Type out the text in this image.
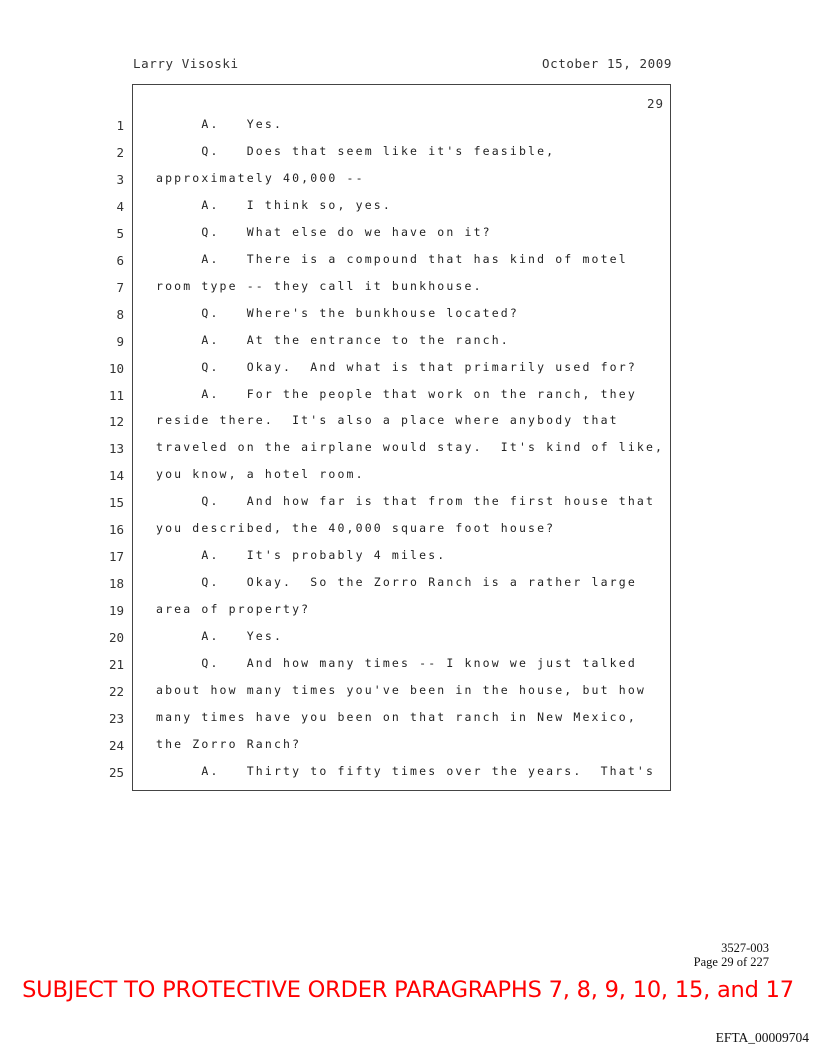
Larry Visoski	October 15, 2009
29
1	A.   Yes.
2	Q.   Does that seem like it's feasible,
3	approximately 40,000 --
4	A.   I think so, yes.
5	Q.   What else do we have on it?
6	A.   There is a compound that has kind of motel
7	room type -- they call it bunkhouse.
8	Q.   Where's the bunkhouse located?
9	A.   At the entrance to the ranch.
10	Q.   Okay.  And what is that primarily used for?
11	A.   For the people that work on the ranch, they
12	reside there.  It's also a place where anybody that
13	traveled on the airplane would stay.  It's kind of like,
14	you know, a hotel room.
15	Q.   And how far is that from the first house that
16	you described, the 40,000 square foot house?
17	A.   It's probably 4 miles.
18	Q.   Okay.  So the Zorro Ranch is a rather large
19	area of property?
20	A.   Yes.
21	Q.   And how many times -- I know we just talked
22	about how many times you've been in the house, but how
23	many times have you been on that ranch in New Mexico,
24	the Zorro Ranch?
25	A.   Thirty to fifty times over the years.  That's
3527-003
Page 29 of 227
SUBJECT TO PROTECTIVE ORDER PARAGRAPHS 7, 8, 9, 10, 15, and 17
EFTA_00009704
